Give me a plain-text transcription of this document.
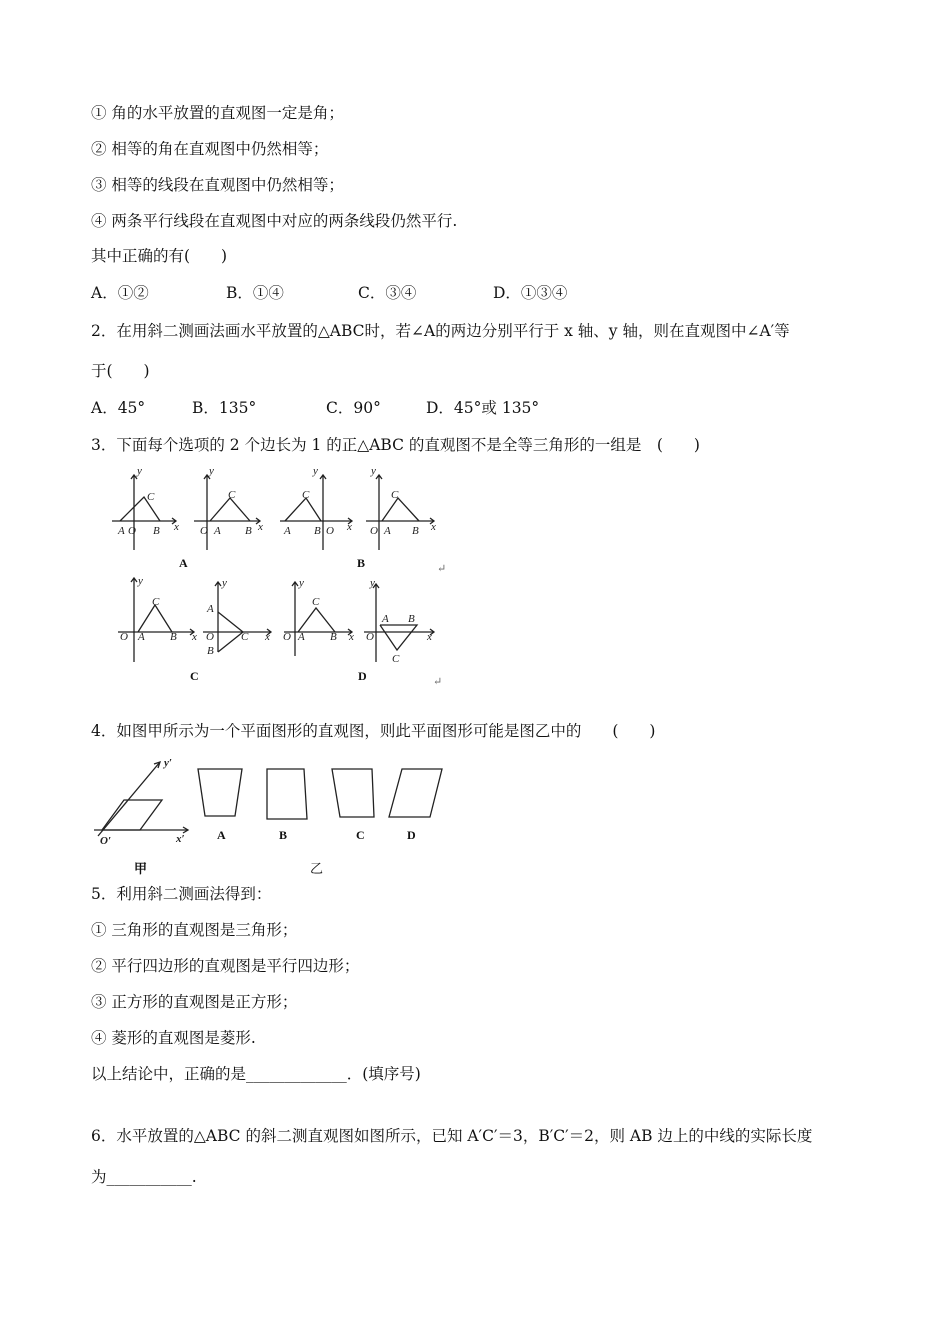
① 角的水平放置的直观图一定是角；
② 相等的角在直观图中仍然相等；
③ 相等的线段在直观图中仍然相等；
④ 两条平行线段在直观图中对应的两条线段仍然平行.
其中正确的有(　　)
A．①②	B．①④	C．③④	D．①③④
2．在用斜二测画法画水平放置的△ABC时，若∠A的两边分别平行于 x 轴、y 轴，则在直观图中∠A′等
于(　　)
A．45°	B．135°	C．90°	D．45°或 135°
3．下面每个选项的 2 个边长为 1 的正△ABC 的直观图不是全等三角形的一组是　(　　)
y
C
A O B x
y
C
O A B x
y
C
A B O x
y
C
O A B x
y
C
O A B x
y
A
O C
B
x
y
C
O A B x
y
A B
O
C
x
A	B
C	D
↵
↵
4．如图甲所示为一个平面图形的直观图，则此平面图形可能是图乙中的　　(　　)
y′
O′	x′	A	B	C	D
甲	乙
5．利用斜二测画法得到：
① 三角形的直观图是三角形；
② 平行四边形的直观图是平行四边形；
③ 正方形的直观图是正方形；
④ 菱形的直观图是菱形.
以上结论中，正确的是_____________．(填序号)
6．水平放置的△ABC 的斜二测直观图如图所示，已知 A′C′＝3，B′C′＝2，则 AB 边上的中线的实际长度
为___________.
